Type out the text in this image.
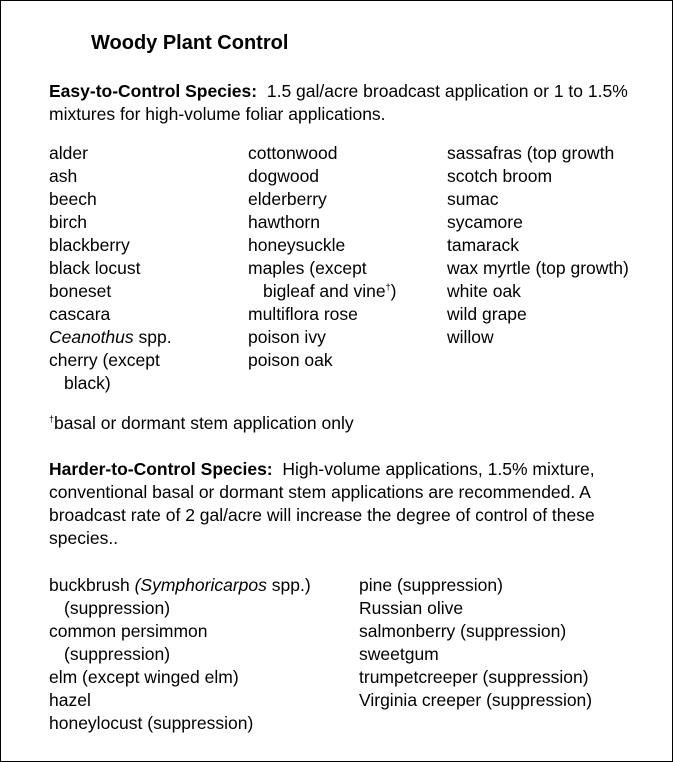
Woody Plant Control
Easy-to-Control Species: 1.5 gal/acre broadcast application or 1 to 1.5% mixtures for high-volume foliar applications.
alder
ash
beech
birch
blackberry
black locust
boneset
cascara
Ceanothus spp.
cherry (except
black)
cottonwood
dogwood
elderberry
hawthorn
honeysuckle
maples (except
bigleaf and vine†)
multiflora rose
poison ivy
poison oak
sassafras (top growth
scotch broom
sumac
sycamore
tamarack
wax myrtle (top growth)
white oak
wild grape
willow
†basal or dormant stem application only
Harder-to-Control Species: High-volume applications, 1.5% mixture, conventional basal or dormant stem applications are recommended. A broadcast rate of 2 gal/acre will increase the degree of control of these species..
buckbrush (Symphoricarpos spp.)
(suppression)
common persimmon
(suppression)
elm (except winged elm)
hazel
honeylocust (suppression)
pine (suppression)
Russian olive
salmonberry (suppression)
sweetgum
trumpetcreeper (suppression)
Virginia creeper (suppression)
